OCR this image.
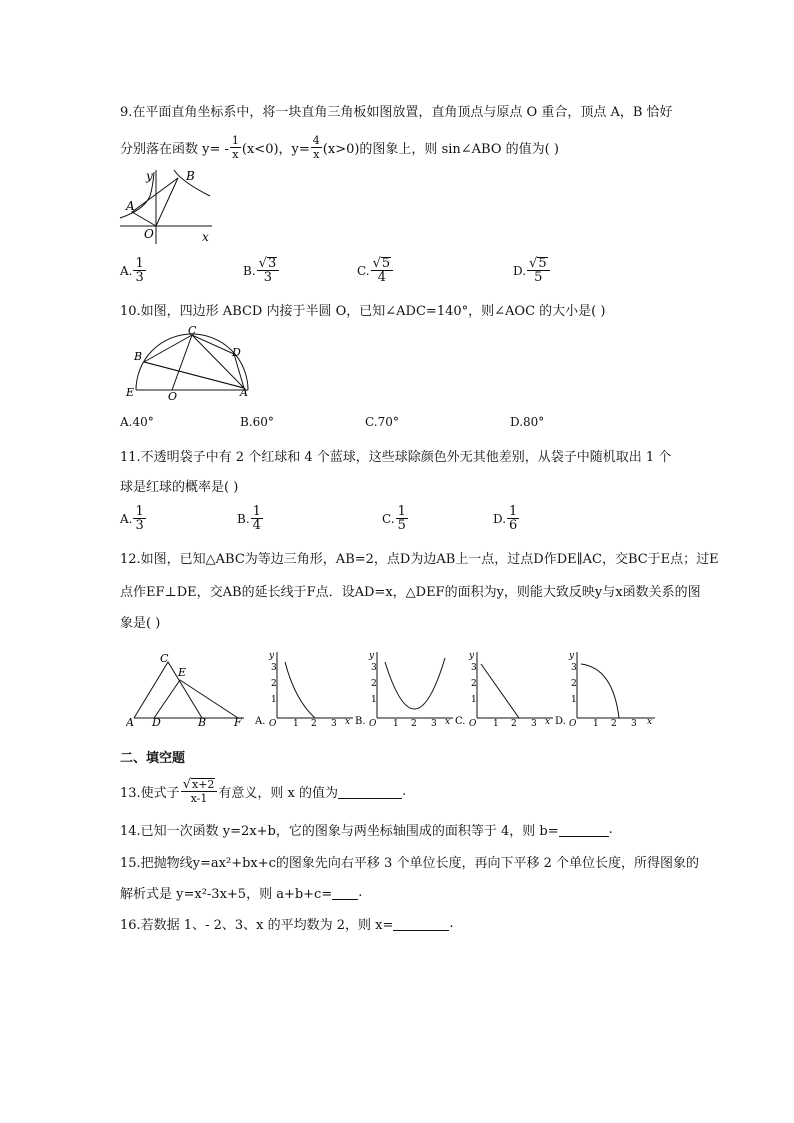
9.在平面直角坐标系中，将一块直角三角板如图放置，直角顶点与原点 O 重合，顶点 A，B 恰好
分别落在函数 $y= - \frac{1}{x} (x<0)$，$y= \frac{4}{x} (x>0)$的图象上，则 sin∠ABO 的值为( )
A
B
O	x
y
A. $\frac{1}{3}$	B. $\frac{√ 3}{3}$	C. $\frac{√ 5}{4}$	D. $\frac{√ 5}{5}$
10.如图，四边形 ABCD 内接于半圆 O，已知∠ADC=140°，则∠AOC 的大小是( )
C
B	D
E	O	A
A.40°	B.60°	C.70°	D.80°
11.不透明袋子中有 2 个红球和 4 个蓝球，这些球除颜色外无其他差别，从袋子中随机取出 1 个
球是红球的概率是( )
A. $\frac{1}{3}$	B. $\frac{1}{4}$	C. $\frac{1}{5}$	D. $\frac{1}{6}$
12.如图，已知△ABC为等边三角形，AB=2，点D为边AB上一点，过点D作DE∥AC，交BC于E点；过E
点作EF⊥DE，交AB的延长线于F点．设AD=x，△DEF的面积为y，则能大致反映y与x函数关系的图
象是( )
A
C
E
D	B	F A.
y
3
2
1
O 1 2 3 x B.
y
3
2
1
O 1 2 3 x C.
y
3
2
1
O 1 2 3 x D.
y
3
2
1
O 1 2 3 x
二、填空题
13.使式子 $\frac{√ x+2}{x-1}$ 有意义，则 x 的值为	.
14.已知一次函数 y=2x+b，它的图象与两坐标轴围成的面积等于 4，则 b=	.
15.把抛物线y=ax²+bx+c的图象先向右平移 3 个单位长度，再向下平移 2 个单位长度，所得图象的
解析式是 y=x²-3x+5，则 a+b+c= .
16.若数据 1、- 2、3、x 的平均数为 2，则 x=	.
